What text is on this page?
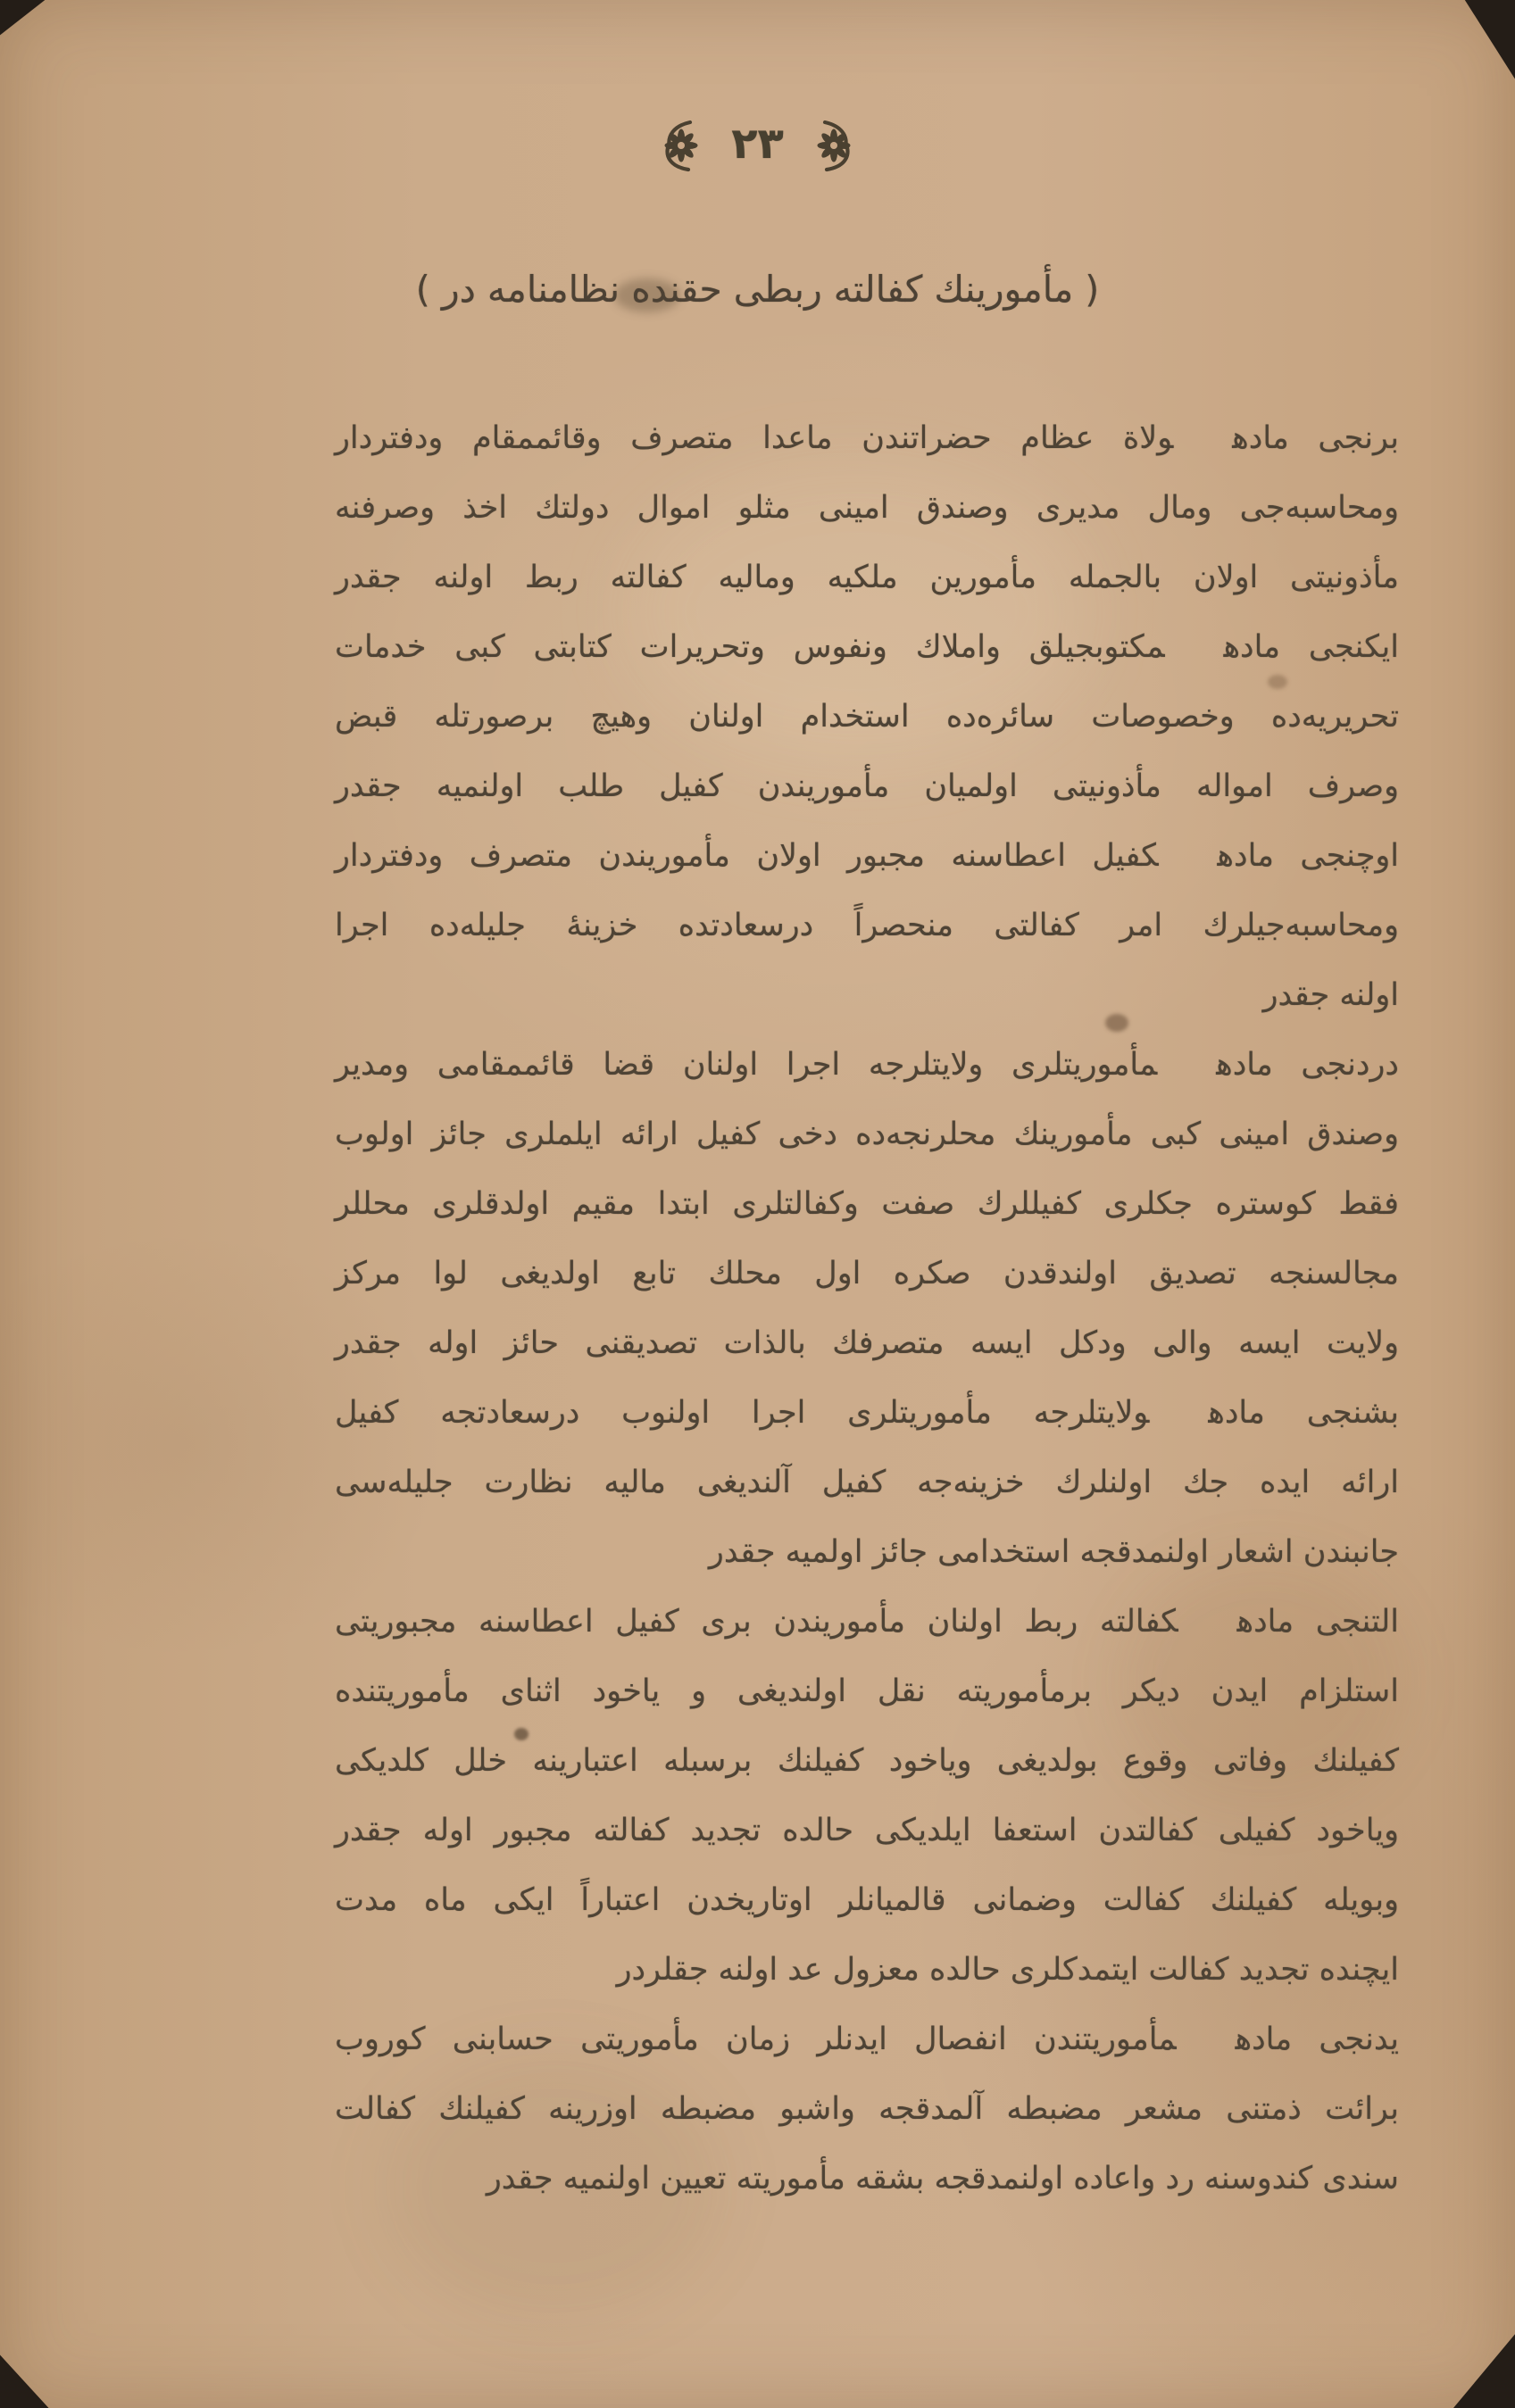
٢٣
( مأمورينك كفالته ربطى حقنده نظامنامه در )
برنجى مادهولاة عظام حضراتندن ماعدا متصرف وقائممقام ودفتردار
ومحاسبه‌جى ومال مديرى وصندق امينى مثلو اموال دولتك اخذ وصرفنه
مأذونيتى اولان بالجمله مأمورين ملكيه وماليه كفالته ربط اولنه جقدر
ايكنجى مادهمكتوبجيلق واملاك ونفوس وتحريرات كتابتى كبى خدمات
تحريريه‌ده وخصوصات سائره‌ده استخدام اولنان وهيچ برصورتله قبض
وصرف امواله مأذونيتى اولميان مأموريندن كفيل طلب اولنميه جقدر
اوچنجى مادهكفيل اعطاسنه مجبور اولان مأموريندن متصرف ودفتردار
ومحاسبه‌جيلرك امر كفالتى منحصراً درسعادتده خزينهٔ جليله‌ده اجرا
اولنه جقدر
دردنجى مادهمأموريتلرى ولايتلرجه اجرا اولنان قضا قائممقامى ومدير
وصندق امينى كبى مأمورينك محلرنجه‌ده دخى كفيل ارائه ايلملرى جائز اولوب
فقط كوستره جكلرى كفيللرك صفت وكفالتلرى ابتدا مقيم اولدقلرى محللر
مجالسنجه تصديق اولندقدن صكره اول محلك تابع اولديغى لوا مركز
ولايت ايسه والى ودكل ايسه متصرفك بالذات تصديقنى حائز اوله جقدر
بشنجى مادهولايتلرجه مأموريتلرى اجرا اولنوب درسعادتجه كفيل
ارائه ايده جك اولنلرك خزينه‌جه كفيل آلنديغى ماليه نظارت جليله‌سى
جانبندن اشعار اولنمدقجه استخدامى جائز اولميه جقدر
التنجى مادهكفالته ربط اولنان مأموريندن برى كفيل اعطاسنه مجبوريتى
استلزام ايدن ديكر برمأموريته نقل اولنديغى و ياخود اثناى مأموريتنده
كفيلنك وفاتى وقوع بولديغى وياخود كفيلنك برسبله اعتبارينه خلل كلديكى
وياخود كفيلى كفالتدن استعفا ايلديكى حالده تجديد كفالته مجبور اوله جقدر
وبويله كفيلنك كفالت وضمانى قالميانلر اوتاريخدن اعتباراً ايكى ماه مدت
ايچنده تجديد كفالت ايتمدكلرى حالده معزول عد اولنه جقلردر
يدنجى مادهمأموريتندن انفصال ايدنلر زمان مأموريتى حسابنى كوروب
برائت ذمتنى مشعر مضبطه آلمدقجه واشبو مضبطه اوزرينه كفيلنك كفالت
سندى كندوسنه رد واعاده اولنمدقجه بشقه مأموريته تعيين اولنميه جقدر
